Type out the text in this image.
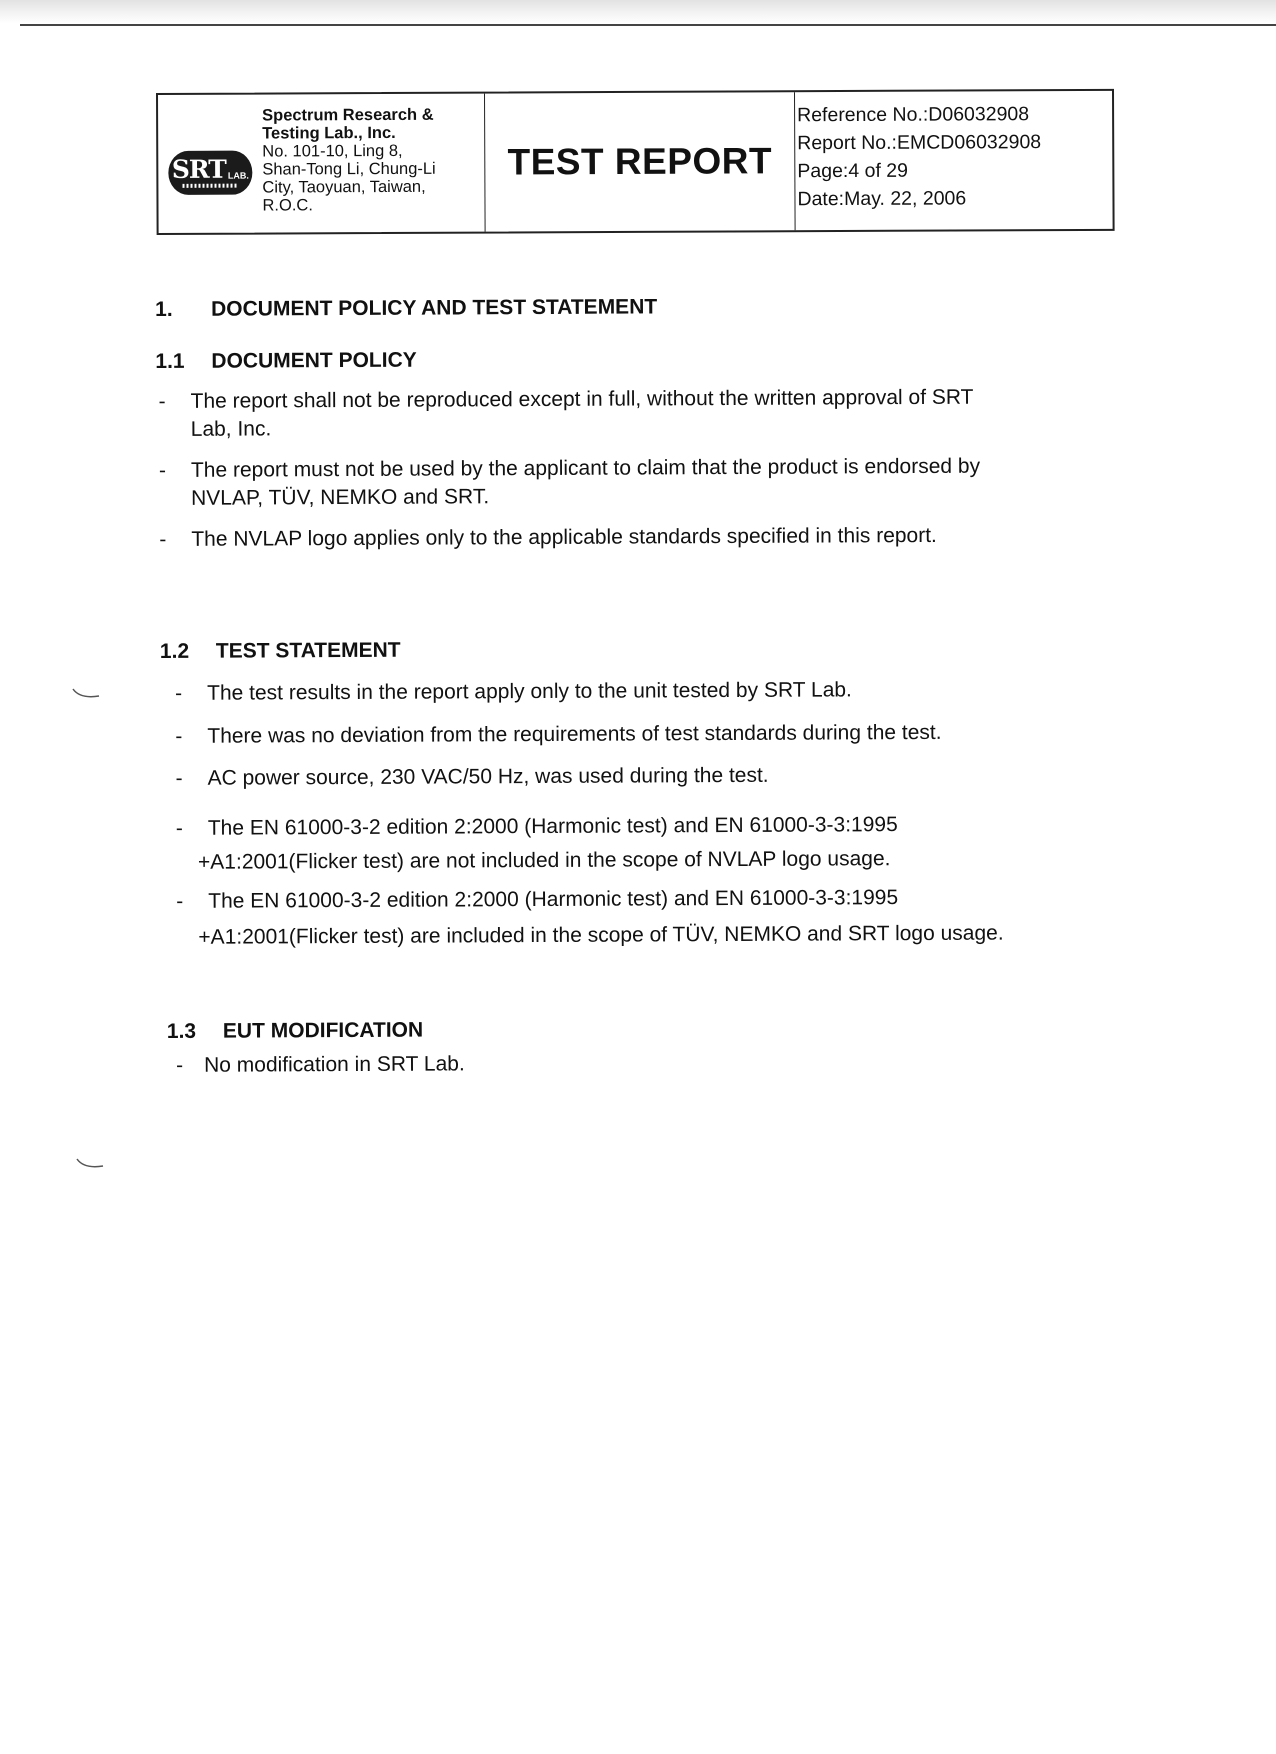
SRT LAB.
Spectrum Research & Testing Lab., Inc.
No. 101-10, Ling 8,
Shan-Tong Li, Chung-Li
City, Taoyuan, Taiwan,
R.O.C.
TEST REPORT
Reference No.:D06032908
Report No.:EMCD06032908
Page:4 of 29
Date:May. 22, 2006
1. DOCUMENT POLICY AND TEST STATEMENT
1.1 DOCUMENT POLICY
- The report shall not be reproduced except in full, without the written approval of SRT
Lab, Inc.
- The report must not be used by the applicant to claim that the product is endorsed by
NVLAP, TÜV, NEMKO and SRT.
- The NVLAP logo applies only to the applicable standards specified in this report.
1.2 TEST STATEMENT
- The test results in the report apply only to the unit tested by SRT Lab.
- There was no deviation from the requirements of test standards during the test.
- AC power source, 230 VAC/50 Hz, was used during the test.
- The EN 61000-3-2 edition 2:2000 (Harmonic test) and EN 61000-3-3:1995
+A1:2001(Flicker test) are not included in the scope of NVLAP logo usage.
- The EN 61000-3-2 edition 2:2000 (Harmonic test) and EN 61000-3-3:1995
+A1:2001(Flicker test) are included in the scope of TÜV, NEMKO and SRT logo usage.
1.3 EUT MODIFICATION
- No modification in SRT Lab.
